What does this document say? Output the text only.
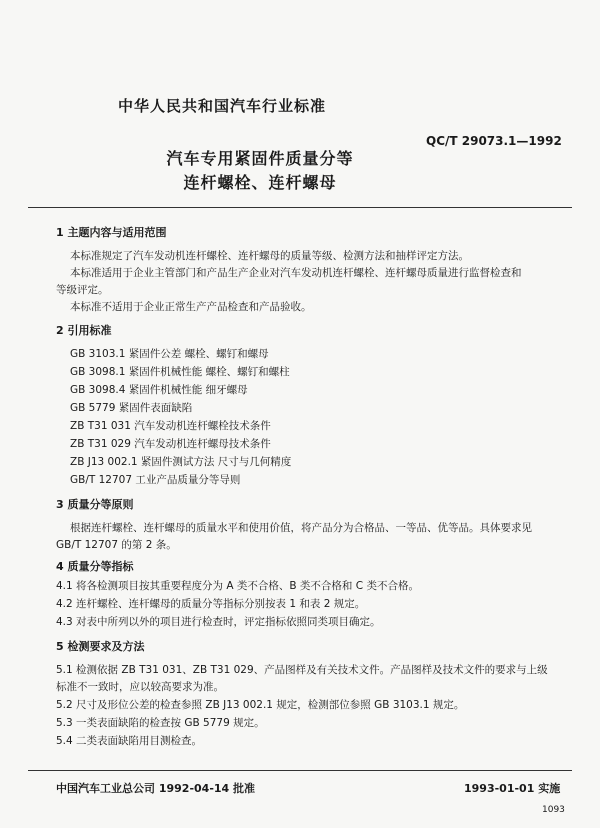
中华人民共和国汽车行业标准
QC/T 29073.1—1992
汽车专用紧固件质量分等
连杆螺栓、连杆螺母
1 主题内容与适用范围
本标准规定了汽车发动机连杆螺栓、连杆螺母的质量等级、检测方法和抽样评定方法。
本标准适用于企业主管部门和产品生产企业对汽车发动机连杆螺栓、连杆螺母质量进行监督检查和
等级评定。
本标准不适用于企业正常生产产品检查和产品验收。
2 引用标准
GB 3103.1 紧固件公差 螺栓、螺钉和螺母
GB 3098.1 紧固件机械性能 螺栓、螺钉和螺柱
GB 3098.4 紧固件机械性能 细牙螺母
GB 5779 紧固件表面缺陷
ZB T31 031 汽车发动机连杆螺栓技术条件
ZB T31 029 汽车发动机连杆螺母技术条件
ZB J13 002.1 紧固件测试方法 尺寸与几何精度
GB/T 12707 工业产品质量分等导则
3 质量分等原则
根据连杆螺栓、连杆螺母的质量水平和使用价值，将产品分为合格品、一等品、优等品。具体要求见
GB/T 12707 的第 2 条。
4 质量分等指标
4.1 将各检测项目按其重要程度分为 A 类不合格、B 类不合格和 C 类不合格。
4.2 连杆螺栓、连杆螺母的质量分等指标分别按表 1 和表 2 规定。
4.3 对表中所列以外的项目进行检查时，评定指标依照同类项目确定。
5 检测要求及方法
5.1 检测依据 ZB T31 031、ZB T31 029、产品图样及有关技术文件。产品图样及技术文件的要求与上级
标准不一致时，应以较高要求为准。
5.2 尺寸及形位公差的检查参照 ZB J13 002.1 规定，检测部位参照 GB 3103.1 规定。
5.3 一类表面缺陷的检查按 GB 5779 规定。
5.4 二类表面缺陷用目测检查。
中国汽车工业总公司 1992-04-14 批准	1993-01-01 实施
1093
